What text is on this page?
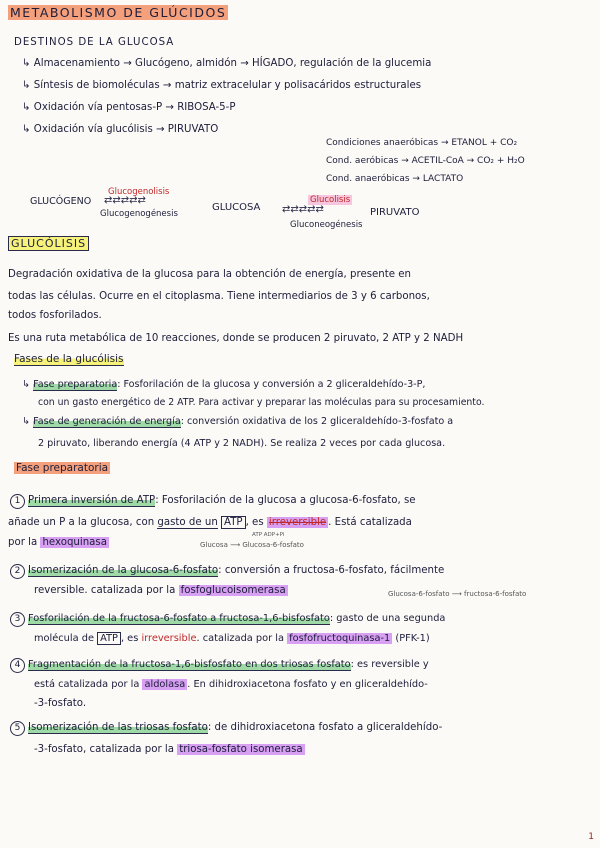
METABOLISMO DE GLÚCIDOS
DESTINOS DE LA GLUCOSA
↳ Almacenamiento → Glucógeno, almidón → HÍGADO, regulación de la glucemia
↳ Síntesis de biomoléculas → matriz extracelular y polisacáridos estructurales
↳ Oxidación vía pentosas-P → RIBOSA-5-P
↳ Oxidación vía glucólisis → PIRUVATO
Condiciones anaeróbicas → ETANOL + CO₂
Cond. aeróbicas → ACETIL-CoA → CO₂ + H₂O
Cond. anaeróbicas → LACTATO
GLUCÓGENO
Glucogenolisis
⇄⇄⇄⇄⇄
Glucogenogénesis
GLUCOSA
Glucolisis
⇄⇄⇄⇄⇄
Gluconeogénesis
PIRUVATO
GLUCÓLISIS
Degradación oxidativa de la glucosa para la obtención de energía, presente en
todas las células. Ocurre en el citoplasma. Tiene intermediarios de 3 y 6 carbonos,
todos fosforilados.
Es una ruta metabólica de 10 reacciones, donde se producen 2 piruvato, 2 ATP y 2 NADH
Fases de la glucólisis
↳ Fase preparatoria: Fosforilación de la glucosa y conversión a 2 gliceraldehído-3-P,
con un gasto energético de 2 ATP. Para activar y preparar las moléculas para su procesamiento.
↳ Fase de generación de energía: conversión oxidativa de los 2 gliceraldehído-3-fosfato a
2 piruvato, liberando energía (4 ATP y 2 NADH). Se realiza 2 veces por cada glucosa.
Fase preparatoria
1 Primera inversión de ATP: Fosforilación de la glucosa a glucosa-6-fosfato, se
añade un P a la glucosa, con gasto de un ATP , es irreversible . Está catalizada
por la hexoquinasa	Glucosa ⟶ Glucosa-6-fosfato
ATP ADP+Pi
2 Isomerización de la glucosa-6-fosfato: conversión a fructosa-6-fosfato, fácilmente
reversible. catalizada por la fosfoglucoisomerasa	Glucosa-6-fosfato ⟶ fructosa-6-fosfato
3 Fosforilación de la fructosa-6-fosfato a fructosa-1,6-bisfosfato: gasto de una segunda
molécula de ATP , es irreversible. catalizada por la fosfofructoquinasa-1 (PFK-1)
4 Fragmentación de la fructosa-1,6-bisfosfato en dos triosas fosfato: es reversible y
está catalizada por la aldolasa . En dihidroxiacetona fosfato y en gliceraldehído-
-3-fosfato.
5 Isomerización de las triosas fosfato: de dihidroxiacetona fosfato a gliceraldehído-
-3-fosfato, catalizada por la triosa-fosfato isomerasa
1
